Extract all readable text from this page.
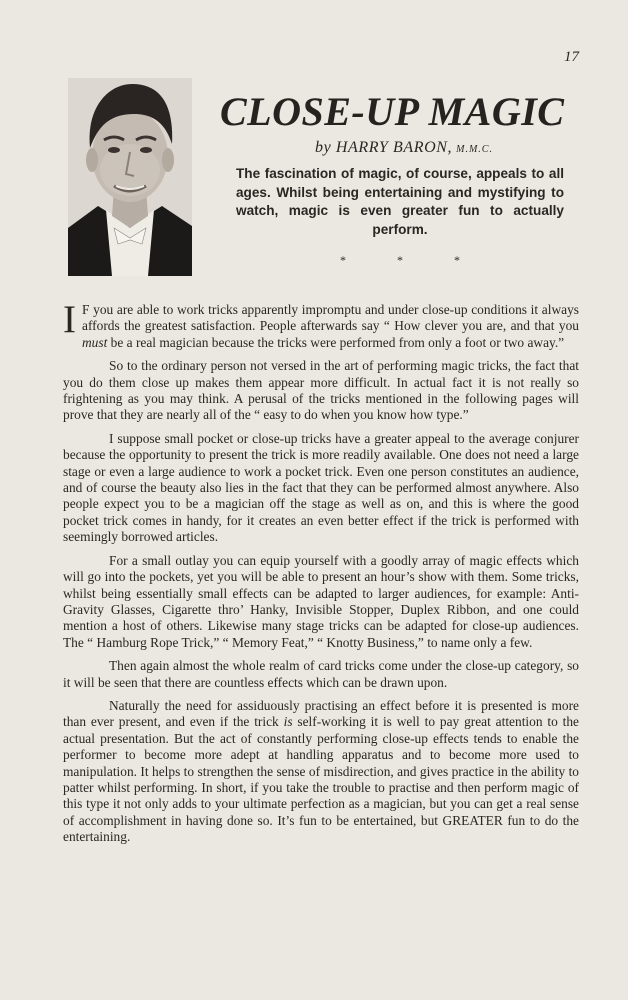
17
CLOSE-UP MAGIC
by HARRY BARON, M.M.C.

The fascination of magic, of course, appeals to all ages. Whilst being entertaining and mystifying to watch, magic is even greater fun to actually perform.

*	*	*

I F you are able to work tricks apparently impromptu and under close-up conditions it always affords the greatest satisfaction. People afterwards say “ How clever you are, and that you must be a real magician because the tricks were performed from only a foot or two away.”

So to the ordinary person not versed in the art of performing magic tricks, the fact that you do them close up makes them appear more difficult. In actual fact it is not really so frightening as you may think. A perusal of the tricks mentioned in the following pages will prove that they are nearly all of the “ easy to do when you know how type.”

I suppose small pocket or close-up tricks have a greater appeal to the average conjurer because the opportunity to present the trick is more readily available. One does not need a large stage or even a large audience to work a pocket trick. Even one person constitutes an audience, and of course the beauty also lies in the fact that they can be performed almost anywhere. Also people expect you to be a magician off the stage as well as on, and this is where the good pocket trick comes in handy, for it creates an even better effect if the trick is performed with seemingly borrowed articles.

For a small outlay you can equip yourself with a goodly array of magic effects which will go into the pockets, yet you will be able to present an hour’s show with them. Some tricks, whilst being essentially small effects can be adapted to larger audiences, for example: Anti-Gravity Glasses, Cigarette thro’ Hanky, Invisible Stopper, Duplex Ribbon, and one could mention a host of others. Likewise many stage tricks can be adapted for close-up audiences. The “ Hamburg Rope Trick,” “ Memory Feat,” “ Knotty Business,” to name only a few.

Then again almost the whole realm of card tricks come under the close-up category, so it will be seen that there are countless effects which can be drawn upon.

Naturally the need for assiduously practising an effect before it is presented is more than ever present, and even if the trick is self-working it is well to pay great attention to the actual presentation. But the act of constantly performing close-up effects tends to enable the performer to become more adept at handling apparatus and to become more used to manipulation. It helps to strengthen the sense of misdirection, and gives practice in the ability to patter whilst performing. In short, if you take the trouble to practise and then perform magic of this type it not only adds to your ultimate perfection as a magician, but you can get a real sense of accomplishment in having done so. It’s fun to be entertained, but GREATER fun to do the entertaining.
